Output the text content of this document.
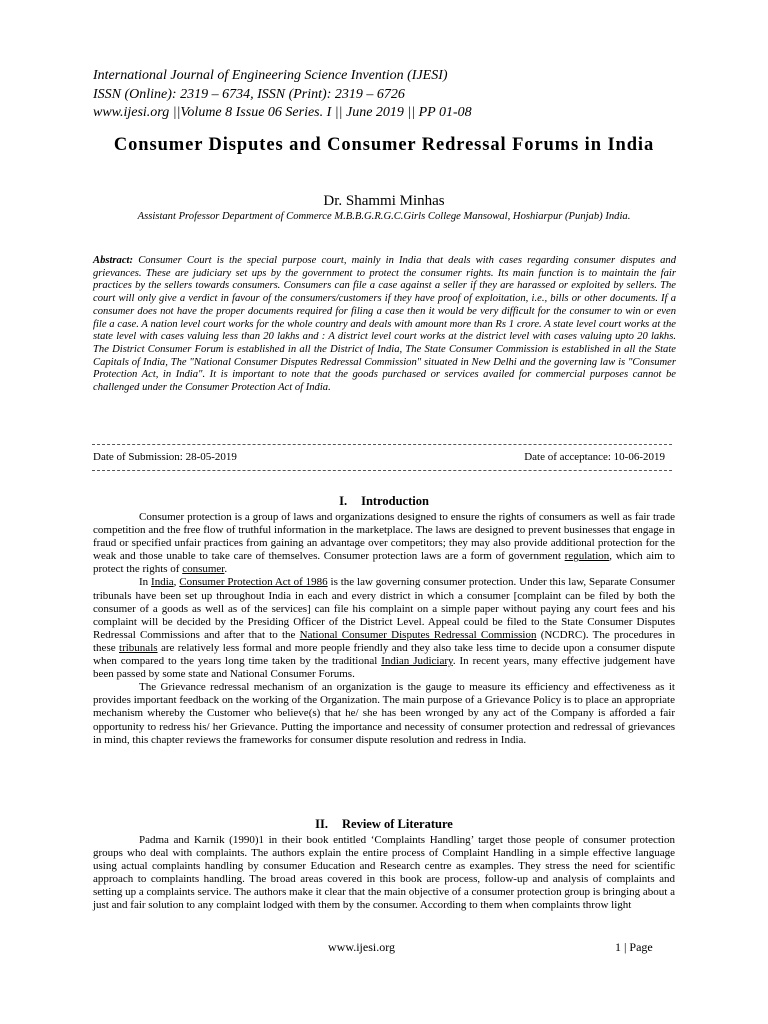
International Journal of Engineering Science Invention (IJESI)
ISSN (Online): 2319 – 6734, ISSN (Print): 2319 – 6726
www.ijesi.org ||Volume 8 Issue 06 Series. I || June 2019 || PP 01-08
Consumer Disputes and Consumer Redressal Forums in India
Dr. Shammi Minhas
Assistant Professor Department of Commerce M.B.B.G.R.G.C.Girls College Mansowal, Hoshiarpur (Punjab) India.
Abstract: Consumer Court is the special purpose court, mainly in India that deals with cases regarding consumer disputes and grievances. These are judiciary set ups by the government to protect the consumer rights. Its main function is to maintain the fair practices by the sellers towards consumers. Consumers can file a case against a seller if they are harassed or exploited by sellers. The court will only give a verdict in favour of the consumers/customers if they have proof of exploitation, i.e., bills or other documents. If a consumer does not have the proper documents required for filing a case then it would be very difficult for the consumer to win or even file a case. A nation level court works for the whole country and deals with amount more than Rs 1 crore. A state level court works at the state level with cases valuing less than 20 lakhs and : A district level court works at the district level with cases valuing upto 20 lakhs. The District Consumer Forum is established in all the District of India, The State Consumer Commission is established in all the State Capitals of India, The "National Consumer Disputes Redressal Commission" situated in New Delhi and the governing law is "Consumer Protection Act, in India". It is important to note that the goods purchased or services availed for commercial purposes cannot be challenged under the Consumer Protection Act of India.
Date of Submission: 28-05-2019	Date of acceptance: 10-06-2019
I. Introduction

Consumer protection is a group of laws and organizations designed to ensure the rights of consumers as well as fair trade competition and the free flow of truthful information in the marketplace. The laws are designed to prevent businesses that engage in fraud or specified unfair practices from gaining an advantage over competitors; they may also provide additional protection for the weak and those unable to take care of themselves. Consumer protection laws are a form of government regulation, which aim to protect the rights of consumer.

In India, Consumer Protection Act of 1986 is the law governing consumer protection. Under this law, Separate Consumer tribunals have been set up throughout India in each and every district in which a consumer [complaint can be filed by both the consumer of a goods as well as of the services] can file his complaint on a simple paper without paying any court fees and his complaint will be decided by the Presiding Officer of the District Level. Appeal could be filed to the State Consumer Disputes Redressal Commissions and after that to the National Consumer Disputes Redressal Commission (NCDRC). The procedures in these tribunals are relatively less formal and more people friendly and they also take less time to decide upon a consumer dispute when compared to the years long time taken by the traditional Indian Judiciary. In recent years, many effective judgement have been passed by some state and National Consumer Forums.

The Grievance redressal mechanism of an organization is the gauge to measure its efficiency and effectiveness as it provides important feedback on the working of the Organization. The main purpose of a Grievance Policy is to place an appropriate mechanism whereby the Customer who believe(s) that he/ she has been wronged by any act of the Company is afforded a fair opportunity to redress his/ her Grievance. Putting the importance and necessity of consumer protection and redressal of grievances in mind, this chapter reviews the frameworks for consumer dispute resolution and redress in India.

II. Review of Literature

Padma and Karnik (1990)1 in their book entitled ‘Complaints Handling’ target those people of consumer protection groups who deal with complaints. The authors explain the entire process of Complaint Handling in a simple effective language using actual complaints handling by consumer Education and Research centre as examples. They stress the need for scientific approach to complaints handling. The broad areas covered in this book are process, follow-up and analysis of complaints and setting up a complaints service. The authors make it clear that the main objective of a consumer protection group is bringing about a just and fair solution to any complaint lodged with them by the consumer. According to them when complaints throw light

www.ijesi.org	1 | Page
